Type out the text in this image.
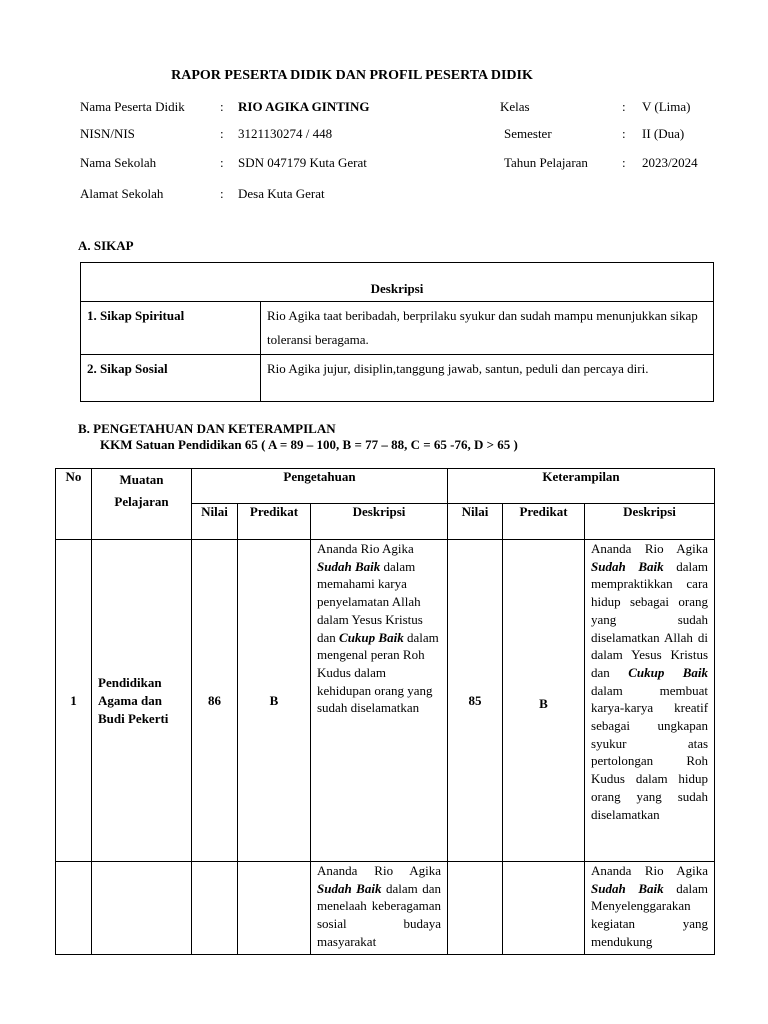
RAPOR PESERTA DIDIK DAN PROFIL PESERTA DIDIK
Nama Peserta Didik	: RIO AGIKA GINTING
NISN/NIS	: 3121130274 / 448
Nama Sekolah	: SDN 047179 Kuta Gerat
Alamat Sekolah	: Desa Kuta Gerat
Kelas	: V (Lima)
Semester	: II (Dua)
Tahun Pelajaran	: 2023/2024
A. SIKAP
Deskripsi	
1. Sikap Spiritual	Rio Agika taat beribadah, berprilaku syukur dan sudah mampu menunjukkan sikap toleransi beragama.
2. Sikap Sosial	Rio Agika jujur, disiplin,tanggung jawab, santun, peduli dan percaya diri.
B. PENGETAHUAN DAN KETERAMPILAN
KKM Satuan Pendidikan 65 ( A = 89 – 100, B = 77 – 88, C = 65 -76, D > 65 )
No	Muatan Pelajaran	Pengetahuan			Keterampilan		
		Nilai	Predikat	Deskripsi	Nilai	Predikat	Deskripsi
1	Pendidikan Agama dan Budi Pekerti	86	B	Ananda Rio Agika Sudah Baik dalam memahami karya penyelamatan Allah dalam Yesus Kristus dan Cukup Baik dalam mengenal peran Roh Kudus dalam kehidupan orang yang sudah diselamatkan	85	B	Ananda Rio Agika Sudah Baik dalam mempraktikkan cara hidup sebagai orang yang sudah diselamatkan Allah di dalam Yesus Kristus dan Cukup Baik dalam membuat karya-karya kreatif sebagai ungkapan syukur atas pertolongan Roh Kudus dalam hidup orang yang sudah diselamatkan
				Ananda Rio Agika Sudah Baik dalam dan menelaah keberagaman sosial budaya masyarakat			Ananda Rio Agika Sudah Baik dalam Menyelenggarakan kegiatan yang mendukung
